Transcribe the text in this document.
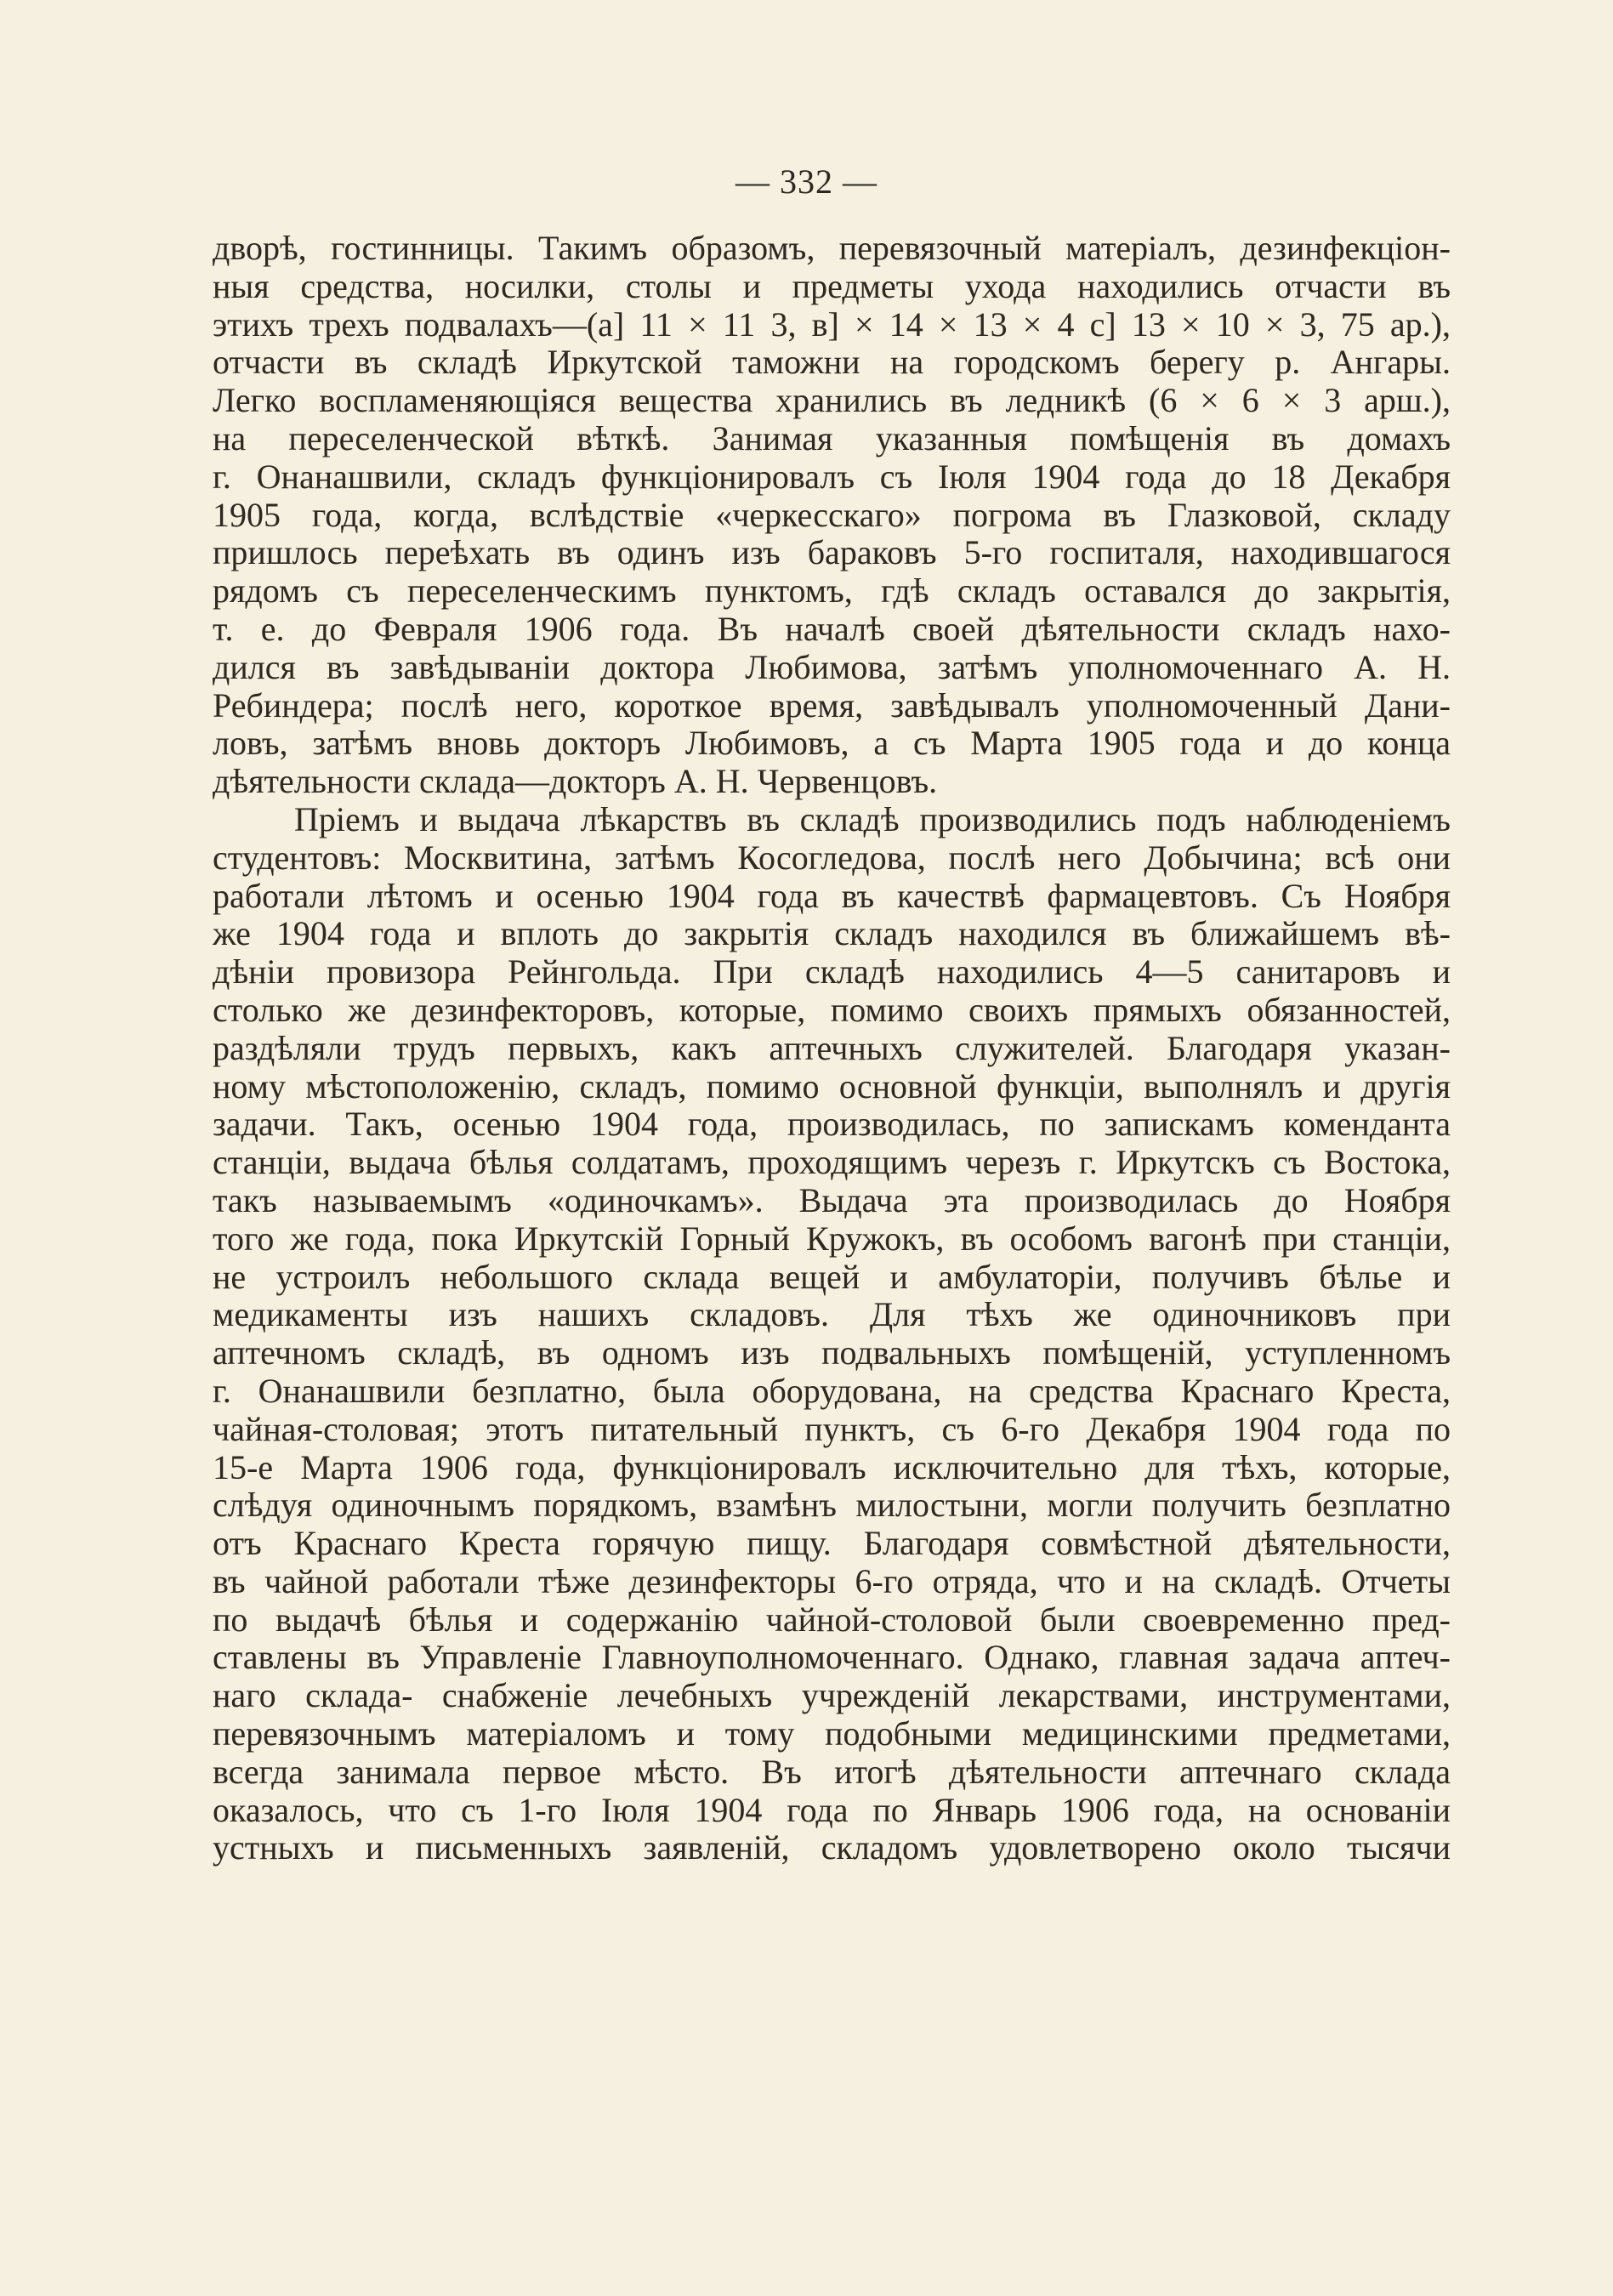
— 332 —
дворѣ, гостинницы. Такимъ образомъ, перевязочный матеріалъ, дезинфекціон-
ныя средства, носилки, столы и предметы ухода находились отчасти въ
этихъ трехъ подвалахъ—(а] 11 × 11 3, в] × 14 × 13 × 4 с] 13 × 10 × 3, 75 ар.),
отчасти въ складѣ Иркутской таможни на городскомъ берегу р. Ангары.
Легко воспламеняющіяся вещества хранились въ ледникѣ (6 × 6 × 3 арш.),
на переселенческой вѣткѣ. Занимая указанныя помѣщенія въ домахъ
г. Онанашвили, складъ функціонировалъ съ Іюля 1904 года до 18 Декабря
1905 года, когда, вслѣдствіе «черкесскаго» погрома въ Глазковой, складу
пришлось переѣхать въ одинъ изъ бараковъ 5-го госпиталя, находившагося
рядомъ съ переселенческимъ пунктомъ, гдѣ складъ оставался до закрытія,
т. е. до Февраля 1906 года. Въ началѣ своей дѣятельности складъ нахо-
дился въ завѣдываніи доктора Любимова, затѣмъ уполномоченнаго А. Н.
Ребиндера; послѣ него, короткое время, завѣдывалъ уполномоченный Дани-
ловъ, затѣмъ вновь докторъ Любимовъ, а съ Марта 1905 года и до конца
дѣятельности склада—докторъ А. Н. Червенцовъ.
Пріемъ и выдача лѣкарствъ въ складѣ производились подъ наблюденіемъ
студентовъ: Москвитина, затѣмъ Косогледова, послѣ него Добычина; всѣ они
работали лѣтомъ и осенью 1904 года въ качествѣ фармацевтовъ. Съ Ноября
же 1904 года и вплоть до закрытія складъ находился въ ближайшемъ вѣ-
дѣніи провизора Рейнгольда. При складѣ находились 4—5 санитаровъ и
столько же дезинфекторовъ, которые, помимо своихъ прямыхъ обязанностей,
раздѣляли трудъ первыхъ, какъ аптечныхъ служителей. Благодаря указан-
ному мѣстоположенію, складъ, помимо основной функціи, выполнялъ и другія
задачи. Такъ, осенью 1904 года, производилась, по запискамъ коменданта
станціи, выдача бѣлья солдатамъ, проходящимъ черезъ г. Иркутскъ съ Востока,
такъ называемымъ «одиночкамъ». Выдача эта производилась до Ноября
того же года, пока Иркутскій Горный Кружокъ, въ особомъ вагонѣ при станціи,
не устроилъ небольшого склада вещей и амбулаторіи, получивъ бѣлье и
медикаменты изъ нашихъ складовъ. Для тѣхъ же одиночниковъ при
аптечномъ складѣ, въ одномъ изъ подвальныхъ помѣщеній, уступленномъ
г. Онанашвили безплатно, была оборудована, на средства Краснаго Креста,
чайная-столовая; этотъ питательный пунктъ, съ 6-го Декабря 1904 года по
15-е Марта 1906 года, функціонировалъ исключительно для тѣхъ, которые,
слѣдуя одиночнымъ порядкомъ, взамѣнъ милостыни, могли получить безплатно
отъ Краснаго Креста горячую пищу. Благодаря совмѣстной дѣятельности,
въ чайной работали тѣже дезинфекторы 6-го отряда, что и на складѣ. Отчеты
по выдачѣ бѣлья и содержанію чайной-столовой были своевременно пред-
ставлены въ Управленіе Главноуполномоченнаго. Однако, главная задача аптеч-
наго склада- снабженіе лечебныхъ учрежденій лекарствами, инструментами,
перевязочнымъ матеріаломъ и тому подобными медицинскими предметами,
всегда занимала первое мѣсто. Въ итогѣ дѣятельности аптечнаго склада
оказалось, что съ 1-го Іюля 1904 года по Январь 1906 года, на основаніи
устныхъ и письменныхъ заявленій, складомъ удовлетворено около тысячи
